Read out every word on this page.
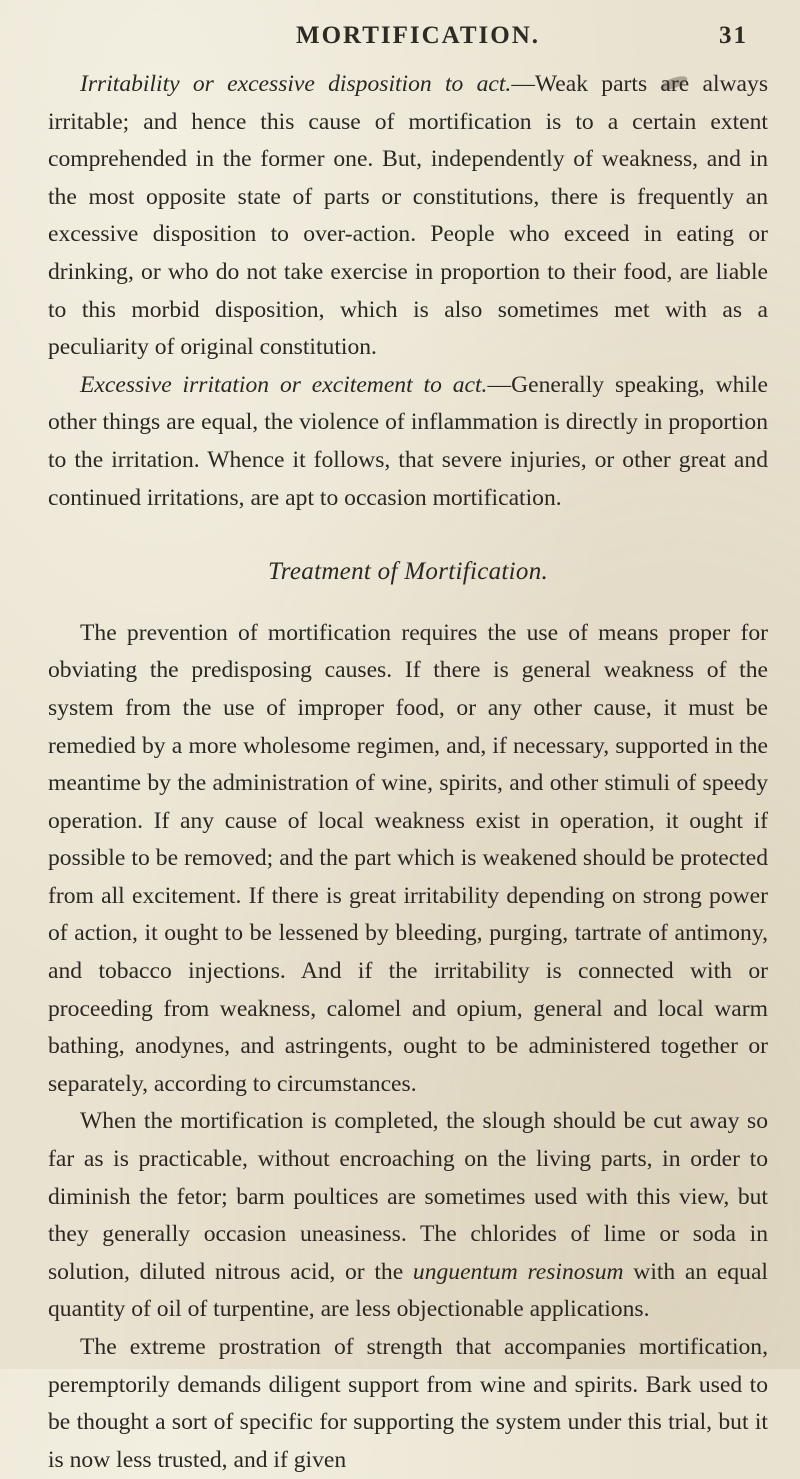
MORTIFICATION.	31

Irritability or excessive disposition to act.—Weak parts are always irritable; and hence this cause of mortification is to a certain extent comprehended in the former one. But, independently of weakness, and in the most opposite state of parts or constitutions, there is frequently an excessive disposition to over-action. People who exceed in eating or drinking, or who do not take exercise in proportion to their food, are liable to this morbid disposition, which is also sometimes met with as a peculiarity of original constitution.

Excessive irritation or excitement to act.—Generally speaking, while other things are equal, the violence of inflammation is directly in proportion to the irritation. Whence it follows, that severe injuries, or other great and continued irritations, are apt to occasion mortification.

Treatment of Mortification.

The prevention of mortification requires the use of means proper for obviating the predisposing causes. If there is general weakness of the system from the use of improper food, or any other cause, it must be remedied by a more wholesome regimen, and, if necessary, supported in the meantime by the administration of wine, spirits, and other stimuli of speedy operation. If any cause of local weakness exist in operation, it ought if possible to be removed; and the part which is weakened should be protected from all excitement. If there is great irritability depending on strong power of action, it ought to be lessened by bleeding, purging, tartrate of antimony, and tobacco injections. And if the irritability is connected with or proceeding from weakness, calomel and opium, general and local warm bathing, anodynes, and astringents, ought to be administered together or separately, according to circumstances.

When the mortification is completed, the slough should be cut away so far as is practicable, without encroaching on the living parts, in order to diminish the fetor; barm poultices are sometimes used with this view, but they generally occasion uneasiness. The chlorides of lime or soda in solution, diluted nitrous acid, or the unguentum resinosum with an equal quantity of oil of turpentine, are less objectionable applications.

The extreme prostration of strength that accompanies mortification, peremptorily demands diligent support from wine and spirits. Bark used to be thought a sort of specific for supporting the system under this trial, but it is now less trusted, and if given
